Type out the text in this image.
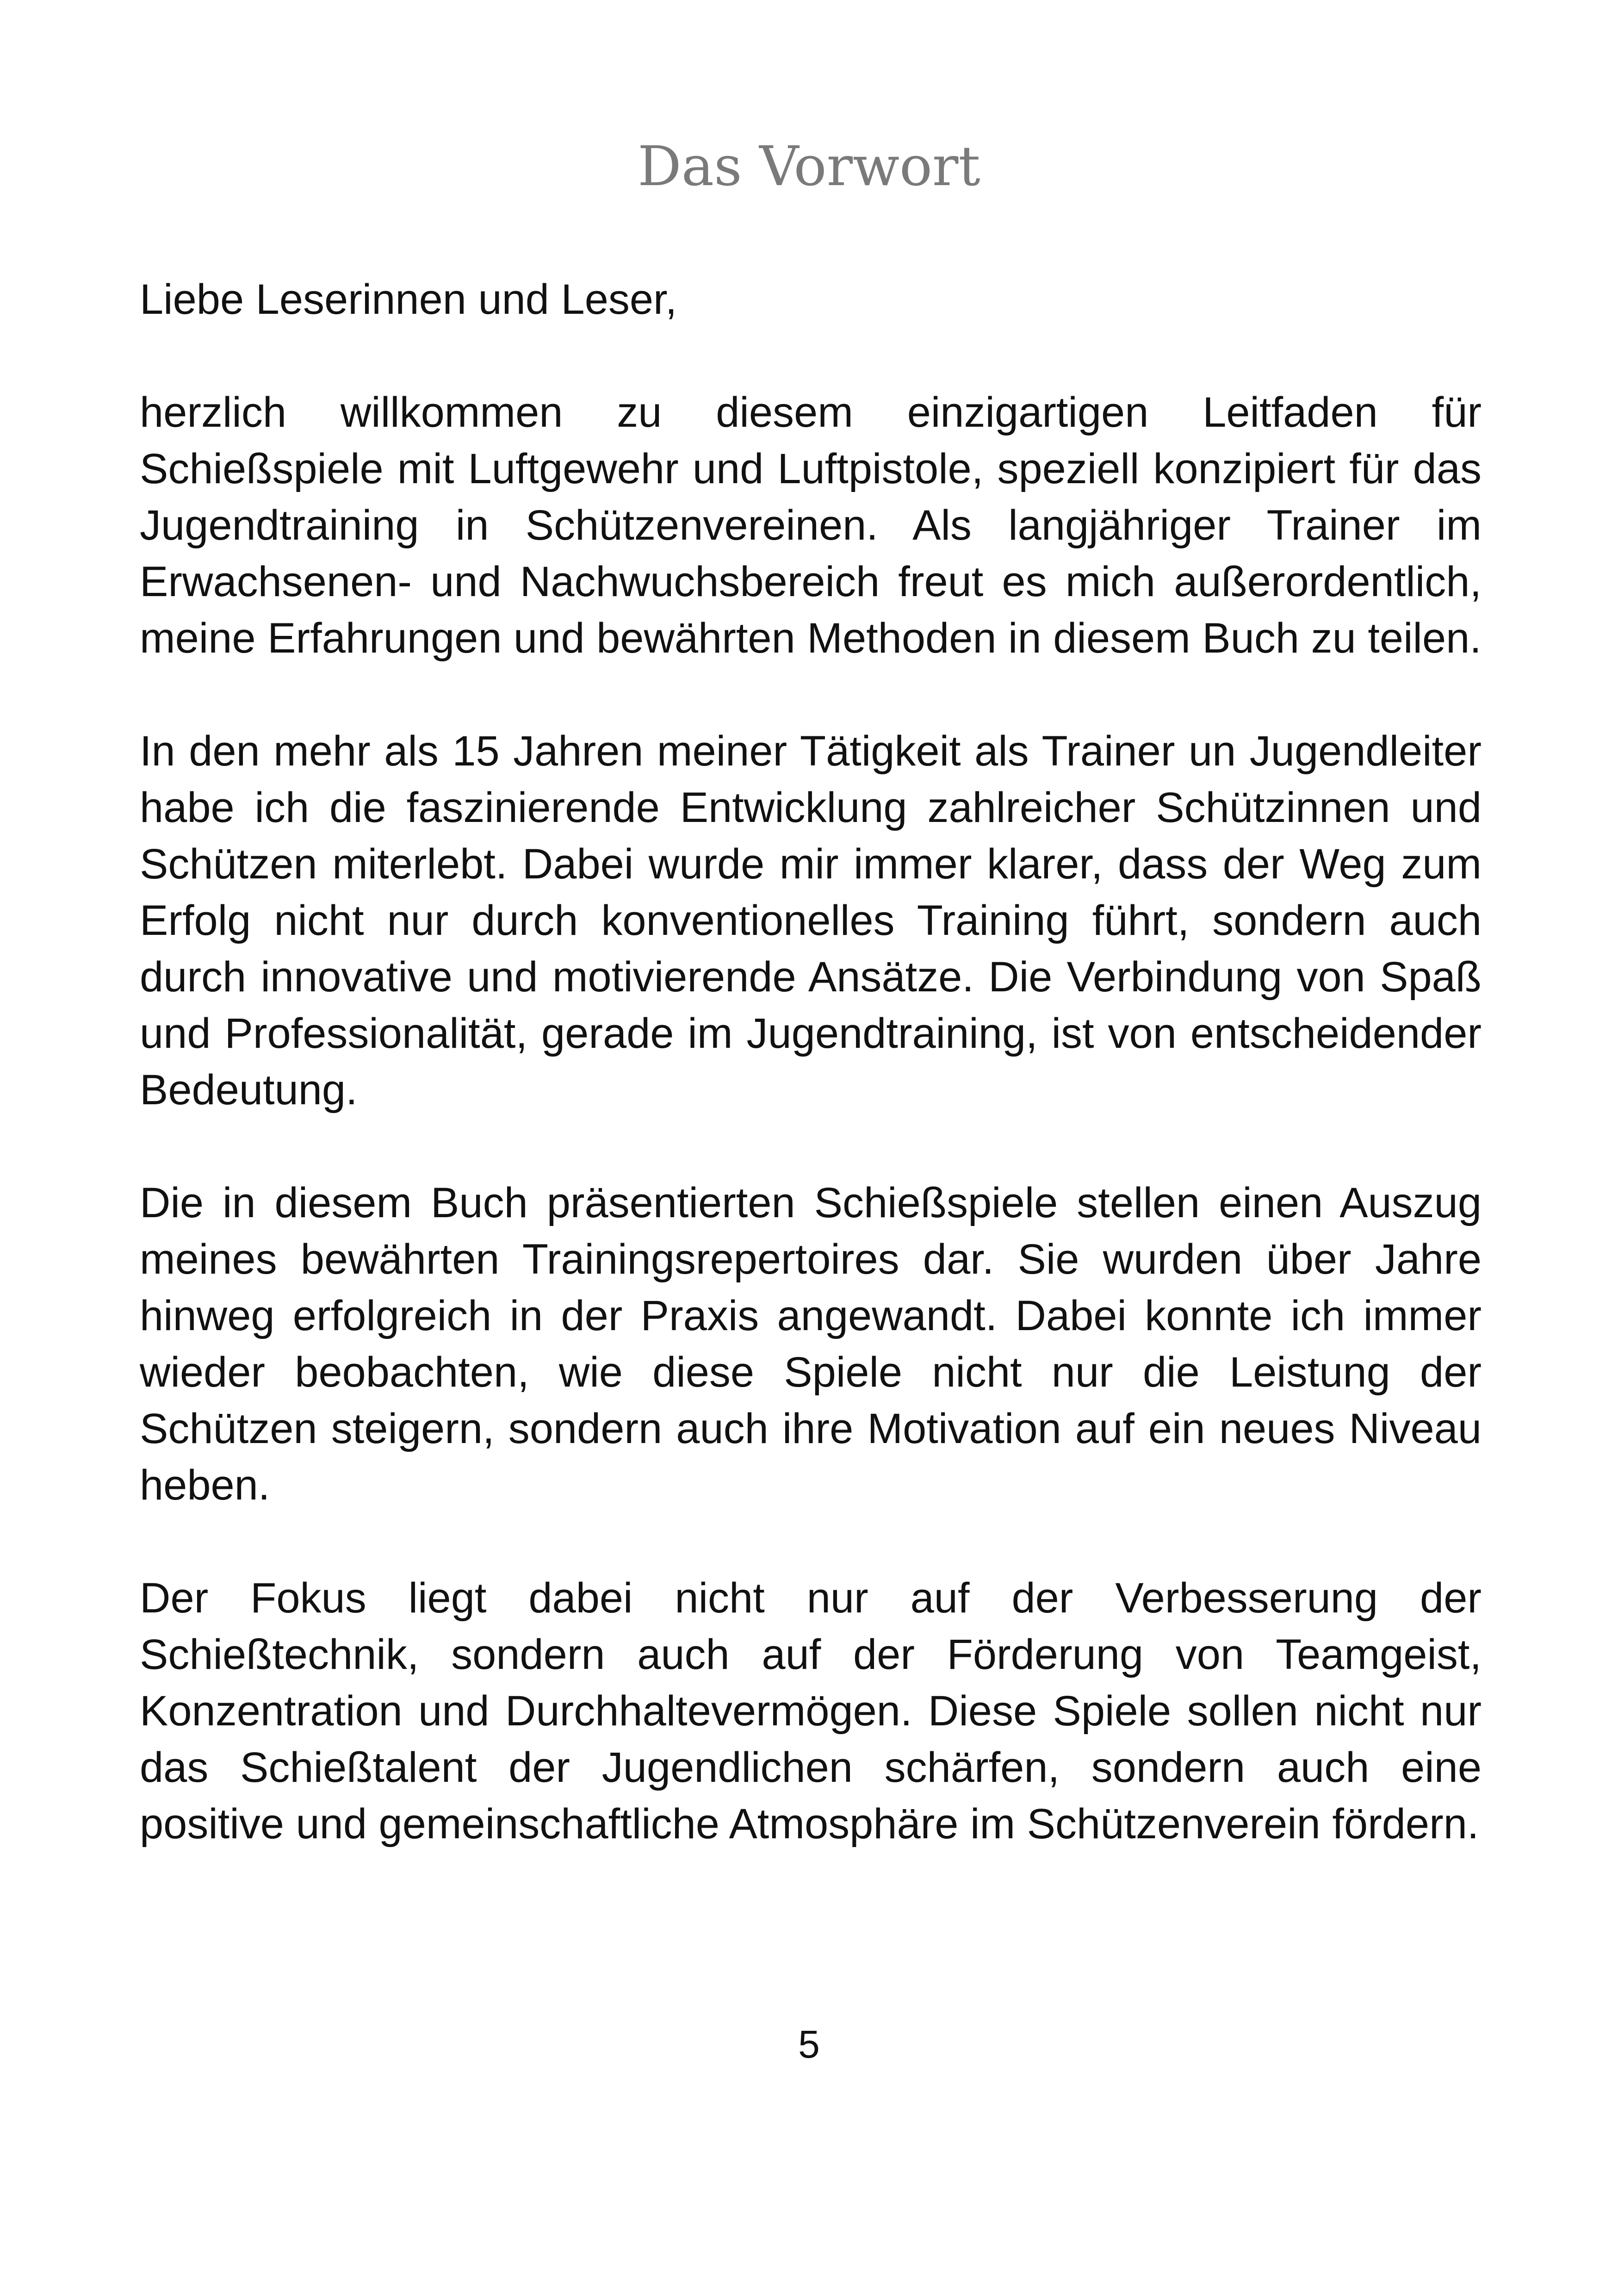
Das Vorwort

Liebe Leserinnen und Leser,

herzlich willkommen zu diesem einzigartigen Leitfaden für Schießspiele mit Luftgewehr und Luftpistole, speziell konzipiert für das Jugendtraining in Schützenvereinen. Als langjähriger Trainer im Erwachsenen- und Nachwuchsbereich freut es mich außerordentlich, meine Erfahrungen und bewährten Methoden in diesem Buch zu teilen.

In den mehr als 15 Jahren meiner Tätigkeit als Trainer un Jugendleiter habe ich die faszinierende Entwicklung zahlreicher Schützinnen und Schützen miterlebt. Dabei wurde mir immer klarer, dass der Weg zum Erfolg nicht nur durch konventionelles Training führt, sondern auch durch innovative und motivierende Ansätze. Die Verbindung von Spaß und Professionalität, gerade im Jugendtraining, ist von entscheidender Bedeutung.

Die in diesem Buch präsentierten Schießspiele stellen einen Auszug meines bewährten Trainingsrepertoires dar. Sie wurden über Jahre hinweg erfolgreich in der Praxis angewandt. Dabei konnte ich immer wieder beobachten, wie diese Spiele nicht nur die Leistung der Schützen steigern, sondern auch ihre Motivation auf ein neues Niveau heben.

Der Fokus liegt dabei nicht nur auf der Verbesserung der Schießtechnik, sondern auch auf der Förderung von Teamgeist, Konzentration und Durchhaltevermögen. Diese Spiele sollen nicht nur das Schießtalent der Jugendlichen schärfen, sondern auch eine positive und gemeinschaftliche Atmosphäre im Schützenverein fördern.

5
